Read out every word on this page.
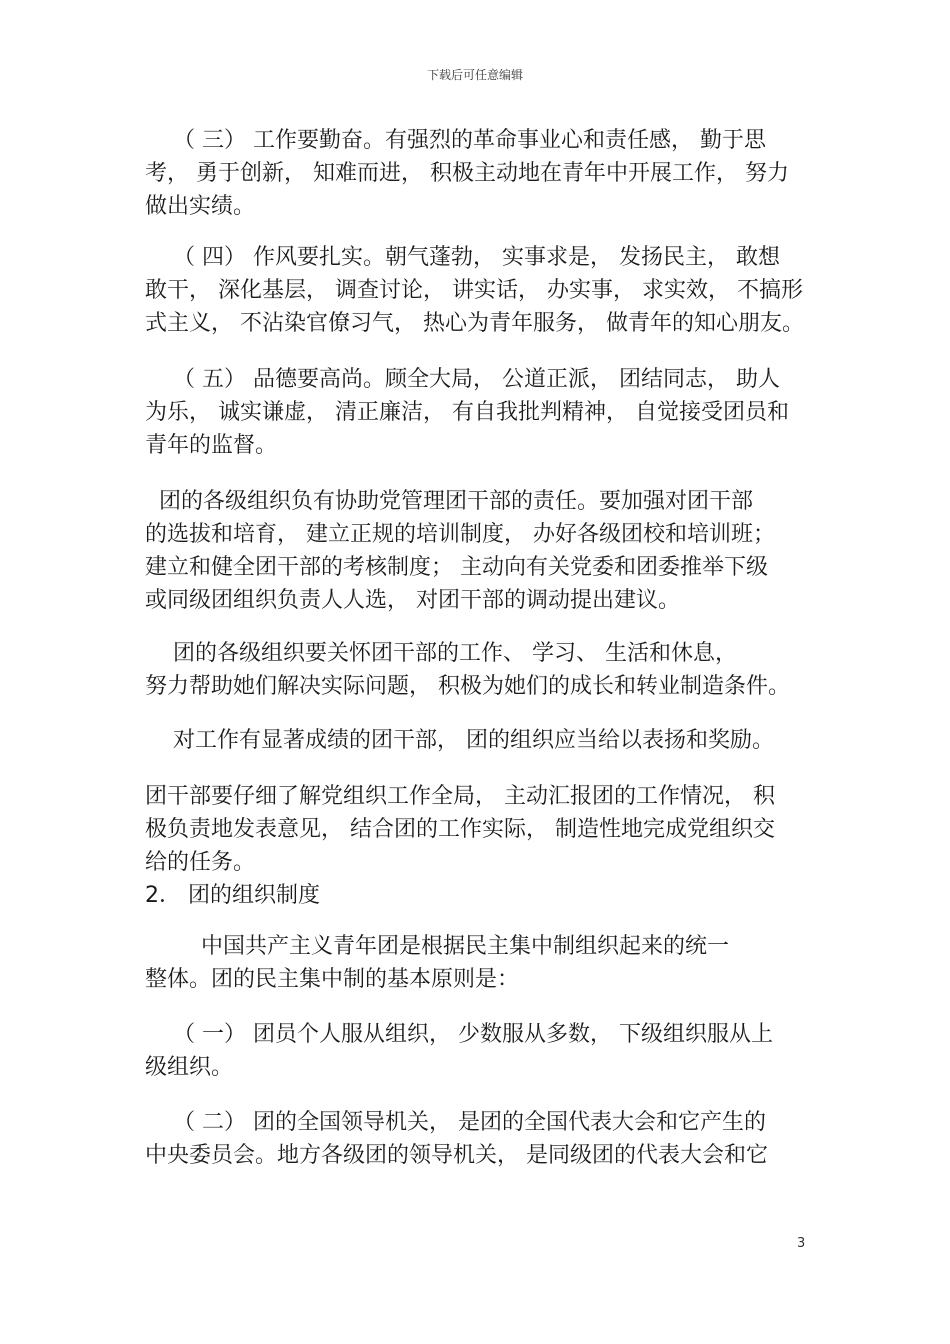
下载后可任意编辑
（ 三） 工作要勤奋。有强烈的革命事业心和责任感， 勤于思
考， 勇于创新， 知难而进， 积极主动地在青年中开展工作， 努力
做出实绩。
（ 四） 作风要扎实。朝气蓬勃， 实事求是， 发扬民主， 敢想
敢干， 深化基层， 调查讨论， 讲实话， 办实事， 求实效， 不搞形
式主义， 不沾染官僚习气， 热心为青年服务， 做青年的知心朋友。
（ 五） 品德要高尚。顾全大局， 公道正派， 团结同志， 助人
为乐， 诚实谦虚， 清正廉洁， 有自我批判精神， 自觉接受团员和
青年的监督。
团的各级组织负有协助党管理团干部的责任。要加强对团干部
的选拔和培育， 建立正规的培训制度， 办好各级团校和培训班；
建立和健全团干部的考核制度； 主动向有关党委和团委推举下级
或同级团组织负责人人选， 对团干部的调动提出建议。
团的各级组织要关怀团干部的工作、 学习、 生活和休息，
努力帮助她们解决实际问题， 积极为她们的成长和转业制造条件。
对工作有显著成绩的团干部， 团的组织应当给以表扬和奖励。
团干部要仔细了解党组织工作全局， 主动汇报团的工作情况， 积
极负责地发表意见， 结合团的工作实际， 制造性地完成党组织交
给的任务。
2． 团的组织制度
中国共产主义青年团是根据民主集中制组织起来的统一
整体。团的民主集中制的基本原则是：
（ 一） 团员个人服从组织， 少数服从多数， 下级组织服从上
级组织。
（ 二） 团的全国领导机关， 是团的全国代表大会和它产生的
中央委员会。地方各级团的领导机关， 是同级团的代表大会和它
3
